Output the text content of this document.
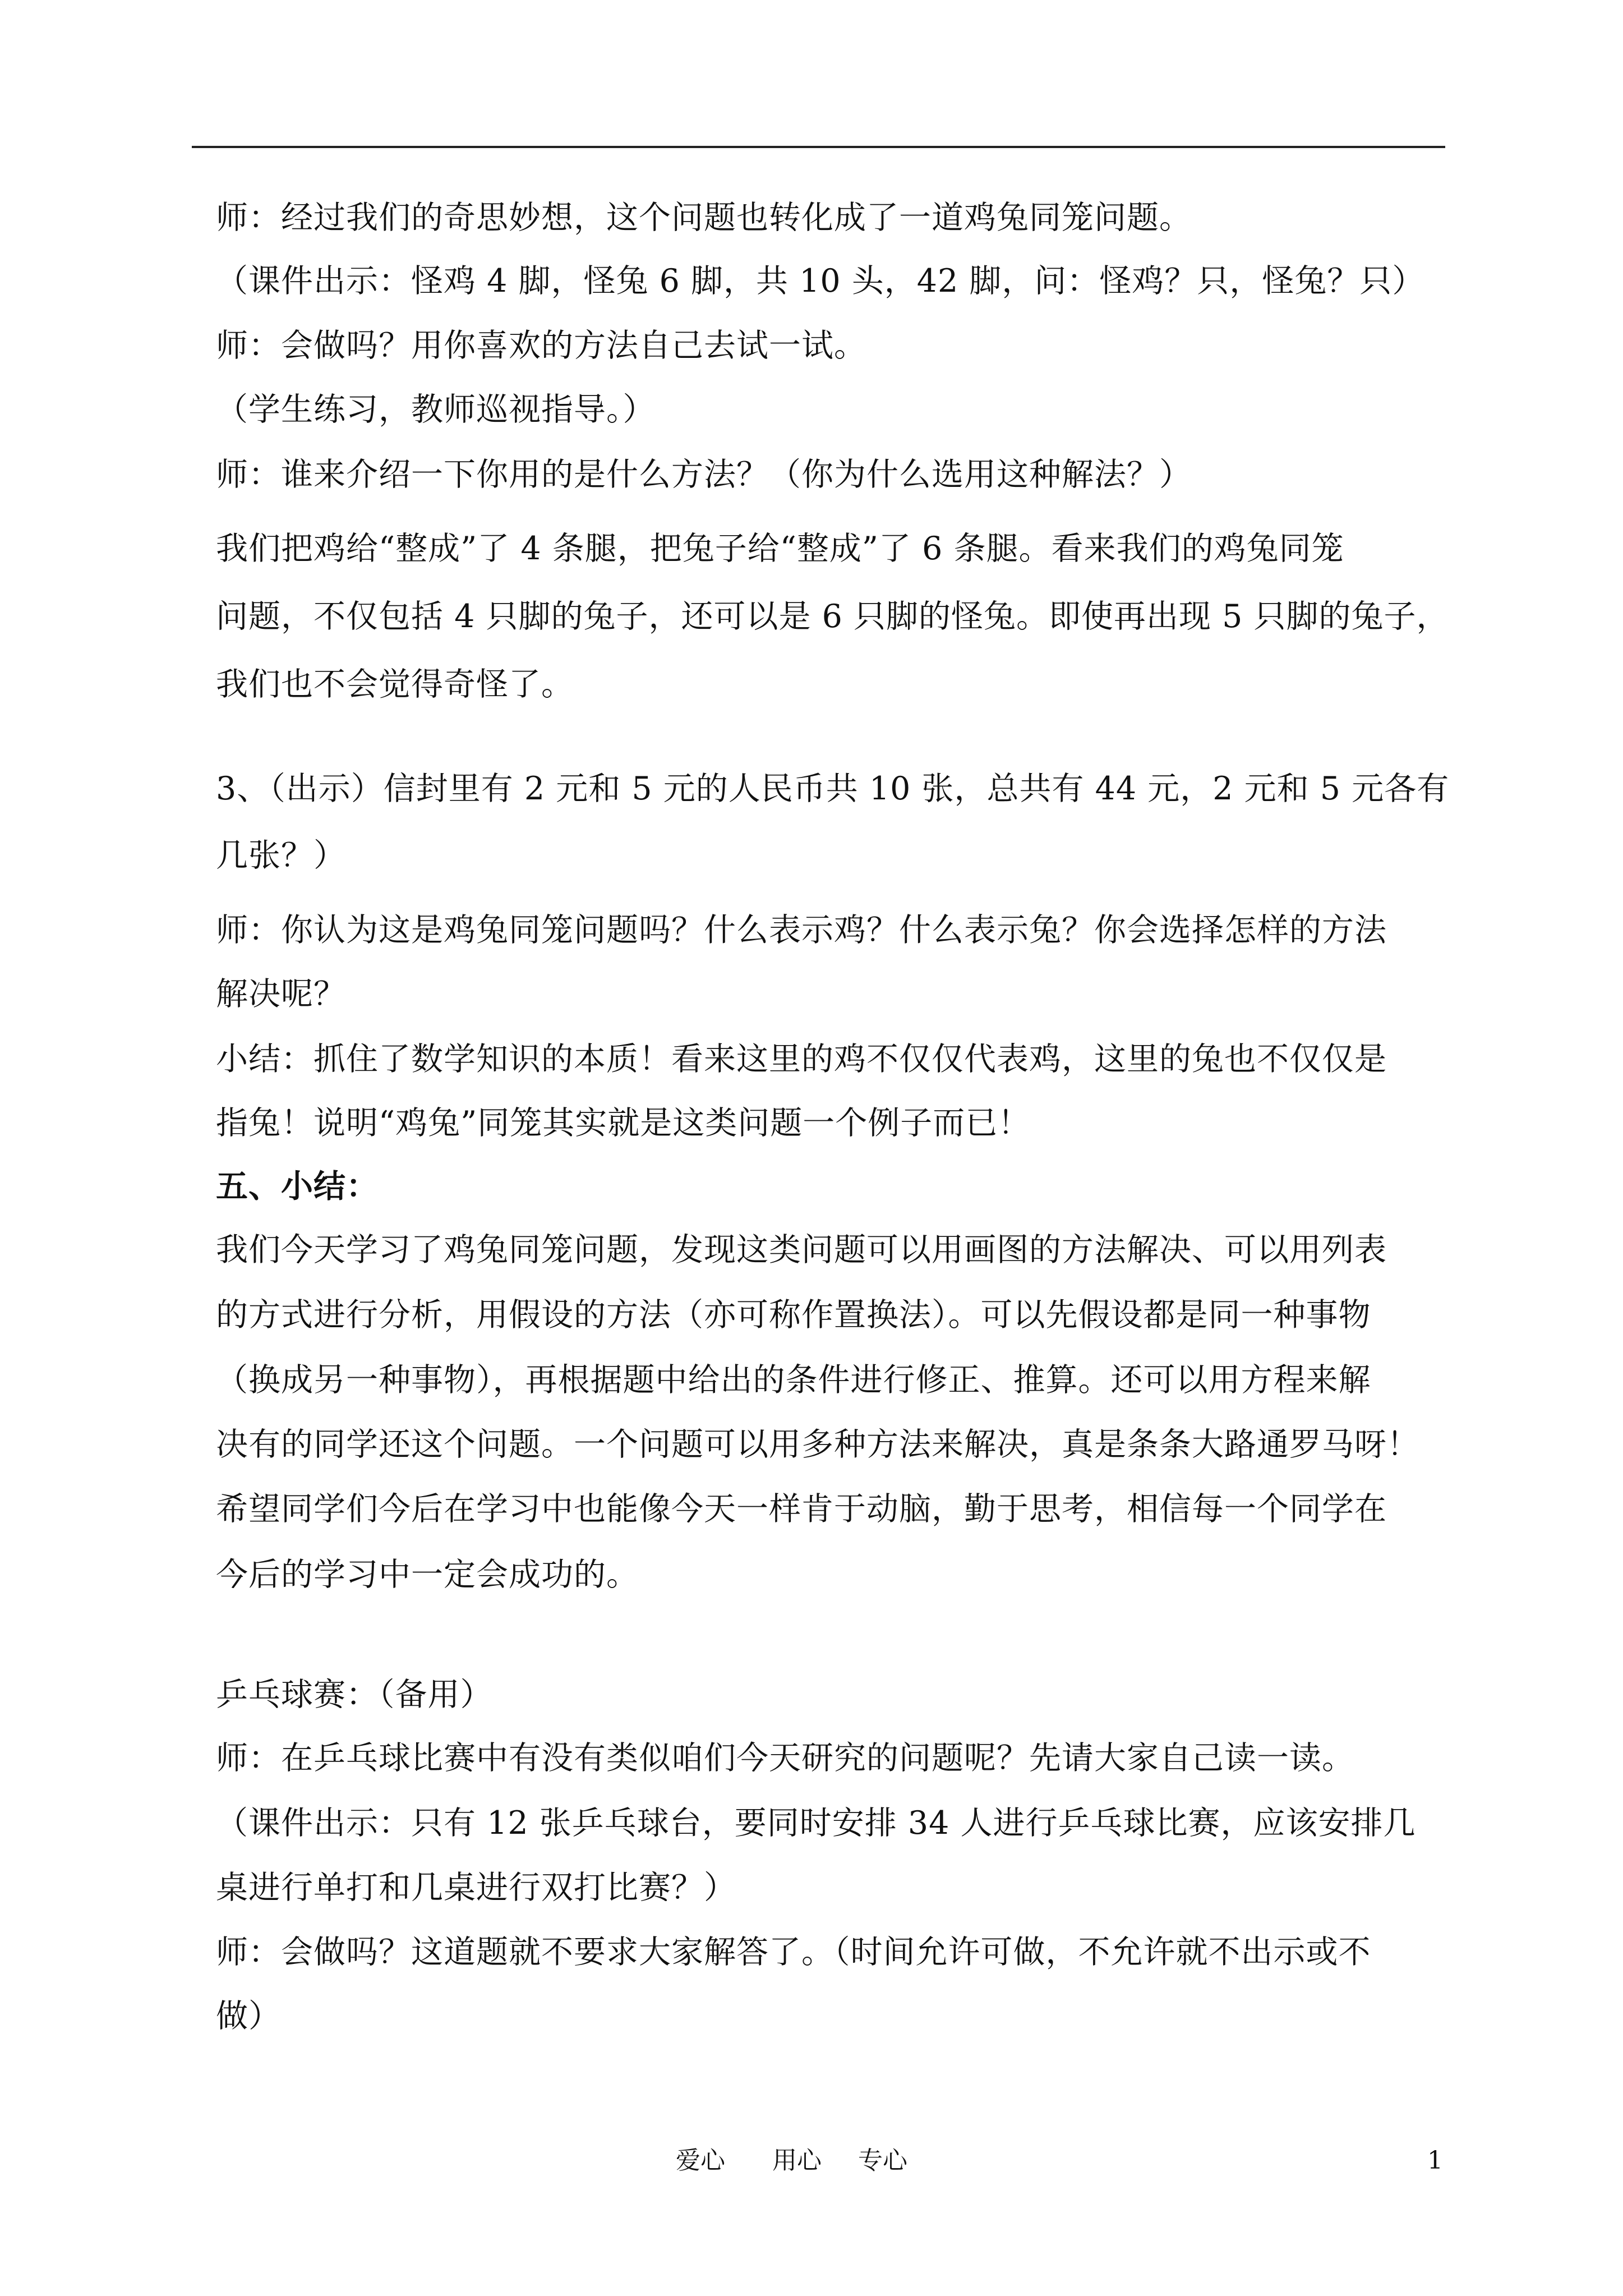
师：经过我们的奇思妙想，这个问题也转化成了一道鸡兔同笼问题。
（课件出示：怪鸡 4 脚，怪兔 6 脚，共 10 头，42 脚，问：怪鸡？只，怪兔？只）
师：会做吗？用你喜欢的方法自己去试一试。
（学生练习，教师巡视指导。）
师：谁来介绍一下你用的是什么方法？（你为什么选用这种解法？）
我们把鸡给“整成”了 4 条腿，把兔子给“整成”了 6 条腿。看来我们的鸡兔同笼
问题，不仅包括 4 只脚的兔子，还可以是 6 只脚的怪兔。即使再出现 5 只脚的兔子，
我们也不会觉得奇怪了。
3、（出示）信封里有 2 元和 5 元的人民币共 10 张，总共有 44 元，2 元和 5 元各有
几张？）
师：你认为这是鸡兔同笼问题吗？什么表示鸡？什么表示兔？你会选择怎样的方法
解决呢？
小结：抓住了数学知识的本质！看来这里的鸡不仅仅代表鸡，这里的兔也不仅仅是
指兔！说明“鸡兔”同笼其实就是这类问题一个例子而已！
五、小结：
我们今天学习了鸡兔同笼问题，发现这类问题可以用画图的方法解决、可以用列表
的方式进行分析，用假设的方法（亦可称作置换法）。可以先假设都是同一种事物
（换成另一种事物），再根据题中给出的条件进行修正、推算。还可以用方程来解
决有的同学还这个问题。一个问题可以用多种方法来解决，真是条条大路通罗马呀！
希望同学们今后在学习中也能像今天一样肯于动脑，勤于思考，相信每一个同学在
今后的学习中一定会成功的。
乒乓球赛：（备用）
师：在乒乓球比赛中有没有类似咱们今天研究的问题呢？先请大家自己读一读。
（课件出示：只有 12 张乒乓球台，要同时安排 34 人进行乒乓球比赛，应该安排几
桌进行单打和几桌进行双打比赛？）
师：会做吗？这道题就不要求大家解答了。（时间允许可做，不允许就不出示或不
做）
爱心 用心 专心	1
